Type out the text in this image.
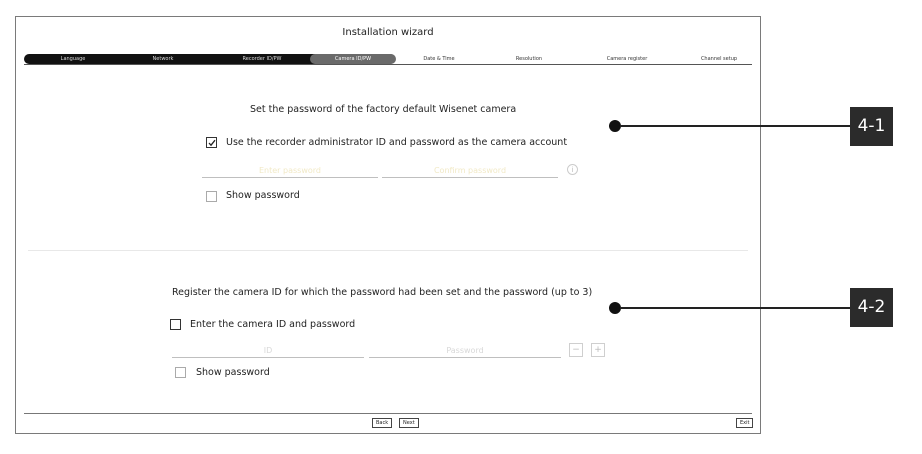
Installation wizard
Language	Network	Recorder ID/PW	Camera ID/PW	Date & Time	Resolution	Camera register	Channel setup
Set the password of the factory default Wisenet camera
Use the recorder administrator ID and password as the camera account
Enter password	Confirm password	i
Show password
Register the camera ID for which the password had been set and the password (up to 3)
Enter the camera ID and password
ID	Password	−	+
Show password
Back	Next	Exit
4-1
4-2
